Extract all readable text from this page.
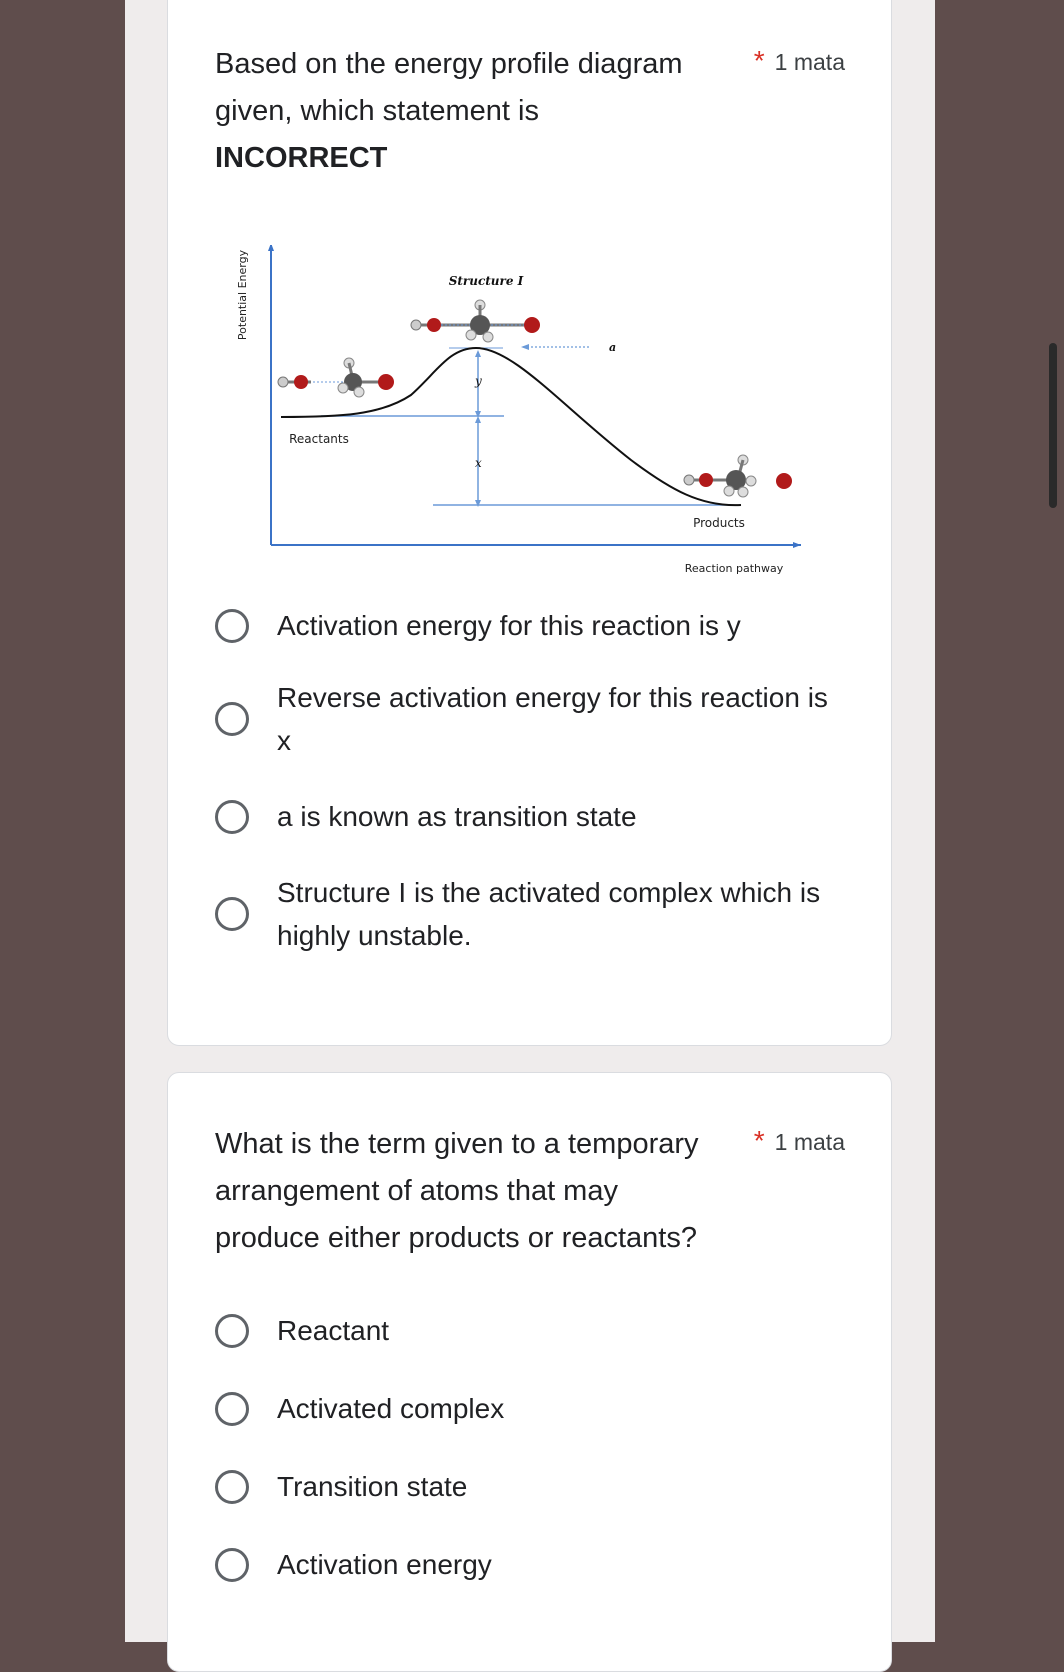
Based on the energy profile diagram given, which statement is
INCORRECT
* 1 mata
Potential Energy
Reaction pathway
Structure I
Reactants
Products
a
y
x
Activation energy for this reaction is y
Reverse activation energy for this reaction is x
a is known as transition state
Structure I is the activated complex which is highly unstable.
What is the term given to a temporary arrangement of atoms that may produce either products or reactants?
* 1 mata
Reactant
Activated complex
Transition state
Activation energy
